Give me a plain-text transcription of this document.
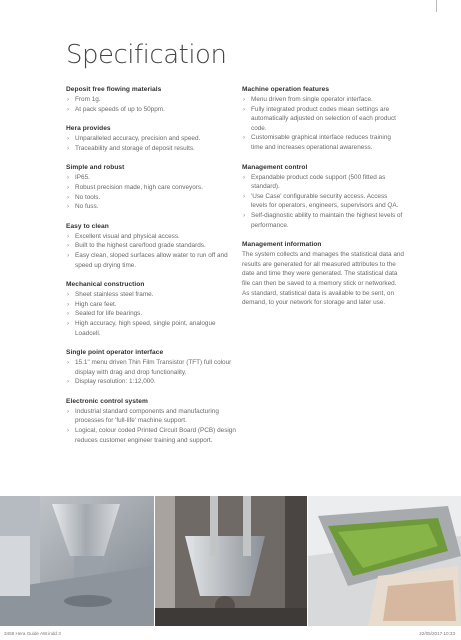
Specification
Deposit free flowing materials
› From 1g.
› At pack speeds of up to 50ppm.
Hera provides
› Unparalleled accuracy, precision and speed.
› Traceability and storage of deposit results.
Simple and robust
› IP65.
› Robust precision made, high care conveyors.
› No tools.
› No fuss.
Easy to clean
› Excellent visual and physical access.
› Built to the highest care/food grade standards.
› Easy clean, sloped surfaces allow water to run off and speed up drying time.
Mechanical construction
› Sheet stainless steel frame.
› High care feet.
› Sealed for life bearings.
› High accuracy, high speed, single point, analogue Loadcell.
Single point operator interface
› 15.1" menu driven Thin Film Transistor (TFT) full colour display with drag and drop functionality.
› Display resolution: 1:12,000.
Electronic control system
› Industrial standard components and manufacturing processes for 'full-life' machine support.
› Logical, colour coded Printed Circuit Board (PCB) design reduces customer engineer training and support.
Machine operation features
› Menu driven from single operator interface.
› Fully integrated product codes mean settings are automatically adjusted on selection of each product code.
› Customisable graphical interface reduces training time and increases operational awareness.
Management control
› Expandable product code support (500 fitted as standard).
› 'Use Case' configurable security access. Access levels for operators, engineers, supervisors and QA.
› Self-diagnostic ability to maintain the highest levels of performance.
Management information

The system collects and manages the statistical data and results are generated for all measured attributes to the date and time they were generated. The statistical data file can then be saved to a memory stick or networked. As standard, statistical data is available to be sent, on demand, to your network for storage and later use.

3458 Hera Guide AW.indd 3	22/05/2017 10:33
